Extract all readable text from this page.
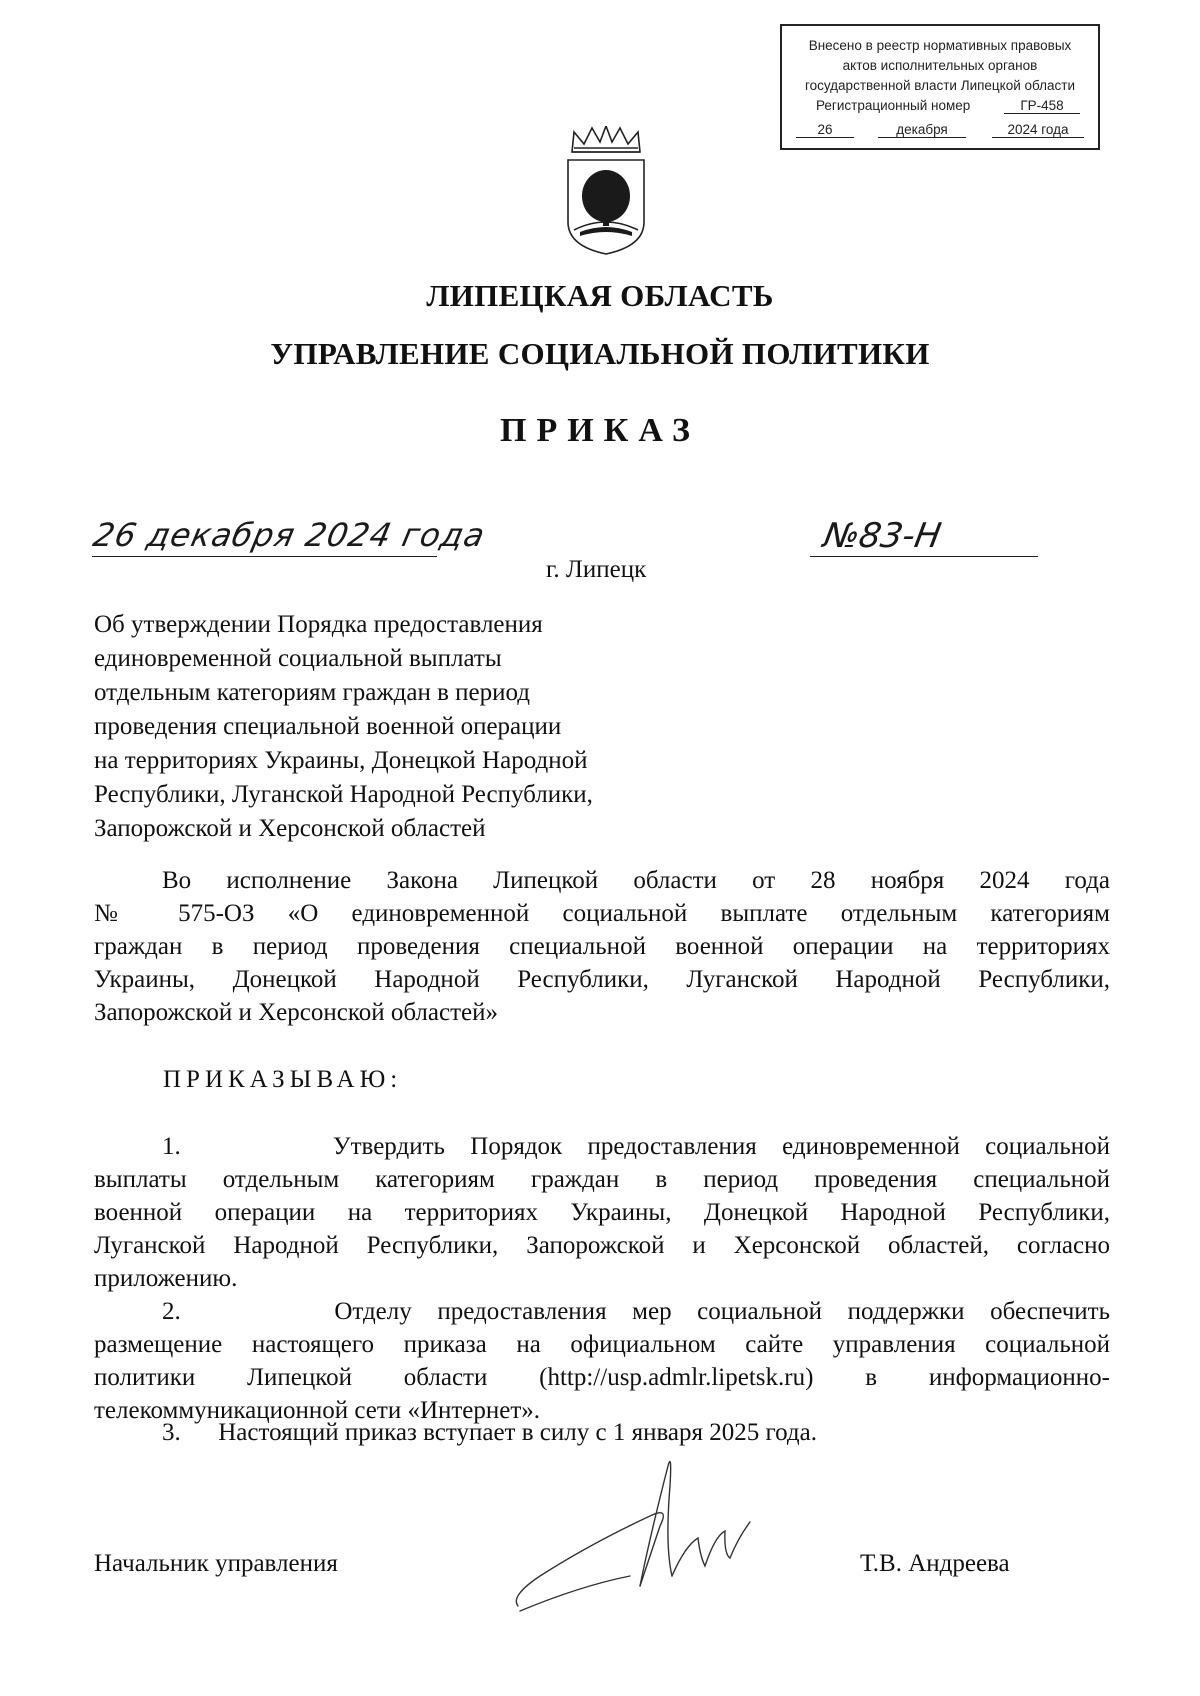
Внесено в реестр нормативных правовых
актов исполнительных органов
государственной власти Липецкой области
Регистрационный номер	ГР-458
26	декабря	2024 года
ЛИПЕЦКАЯ ОБЛАСТЬ
УПРАВЛЕНИЕ СОЦИАЛЬНОЙ ПОЛИТИКИ
ПРИКАЗ
26 декабря 2024 года	№83-Н
г. Липецк
Об утверждении Порядка предоставления
единовременной социальной выплаты
отдельным категориям граждан в период
проведения специальной военной операции
на территориях Украины, Донецкой Народной
Республики, Луганской Народной Республики,
Запорожской и Херсонской областей
Во исполнение Закона Липецкой области от 28 ноября 2024 года
№ 575-ОЗ «О единовременной социальной выплате отдельным категориям
граждан в период проведения специальной военной операции на территориях
Украины, Донецкой Народной Республики, Луганской Народной Республики,
Запорожской и Херсонской областей»
ПРИКАЗЫВАЮ:
1.      Утвердить Порядок предоставления единовременной социальной
выплаты отдельным категориям граждан в период проведения специальной
военной операции на территориях Украины, Донецкой Народной Республики,
Луганской Народной Республики, Запорожской и Херсонской областей, согласно
приложению.
2.      Отделу предоставления мер социальной поддержки обеспечить
размещение настоящего приказа на официальном сайте управления социальной
политики Липецкой области (http://usp.admlr.lipetsk.ru) в информационно-
телекоммуникационной сети «Интернет».
3.      Настоящий приказ вступает в силу с 1 января 2025 года.
Начальник управления	Т.В. Андреева
